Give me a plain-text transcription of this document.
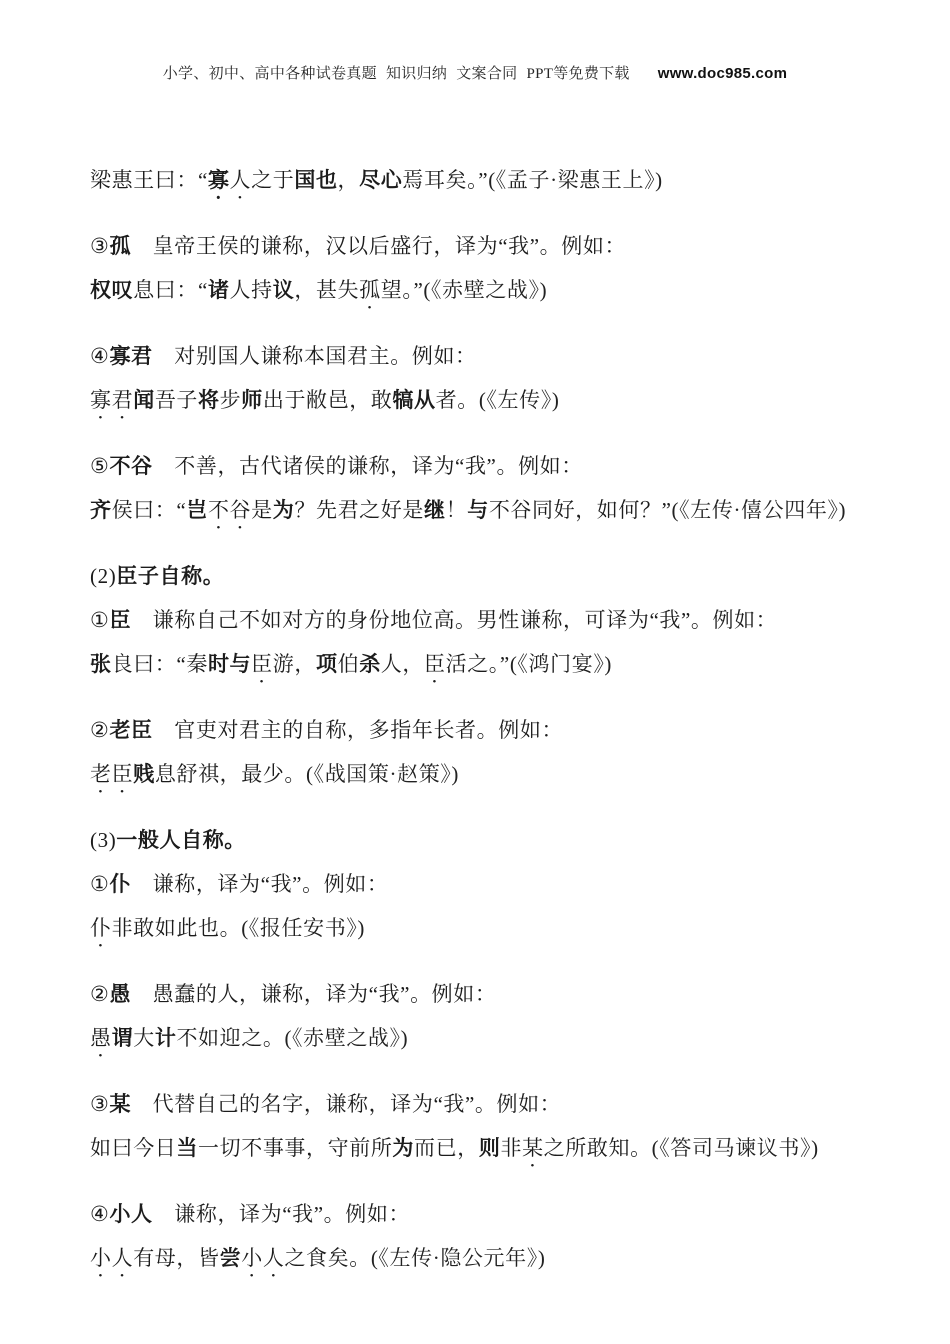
小学、初中、高中各种试卷真题 知识归纳 文案合同 PPT等免费下载 www.doc985.com

梁惠王曰：“寡人之于国也，尽心焉耳矣。”(《孟子·梁惠王上》)

③孤　皇帝王侯的谦称，汉以后盛行，译为“我”。例如：

权叹息曰：“诸人持议，甚失孤望。”(《赤壁之战》)

④寡君　对别国人谦称本国君主。例如：

寡君闻吾子将步师出于敝邑，敢犒从者。(《左传》)

⑤不谷　不善，古代诸侯的谦称，译为“我”。例如：

齐侯曰：“岂不谷是为？先君之好是继！与不谷同好，如何？”(《左传·僖公四年》)

(2)臣子自称。

①臣　谦称自己不如对方的身份地位高。男性谦称，可译为“我”。例如：

张良曰：“秦时与臣游，项伯杀人，臣活之。”(《鸿门宴》)

②老臣　官吏对君主的自称，多指年长者。例如：

老臣贱息舒祺，最少。(《战国策·赵策》)

(3)一般人自称。

①仆　谦称，译为“我”。例如：

仆非敢如此也。(《报任安书》)

②愚　愚蠢的人，谦称，译为“我”。例如：

愚谓大计不如迎之。(《赤壁之战》)

③某　代替自己的名字，谦称，译为“我”。例如：

如曰今日当一切不事事，守前所为而已，则非某之所敢知。(《答司马谏议书》)

④小人　谦称，译为“我”。例如：

小人有母，皆尝小人之食矣。(《左传·隐公元年》)
